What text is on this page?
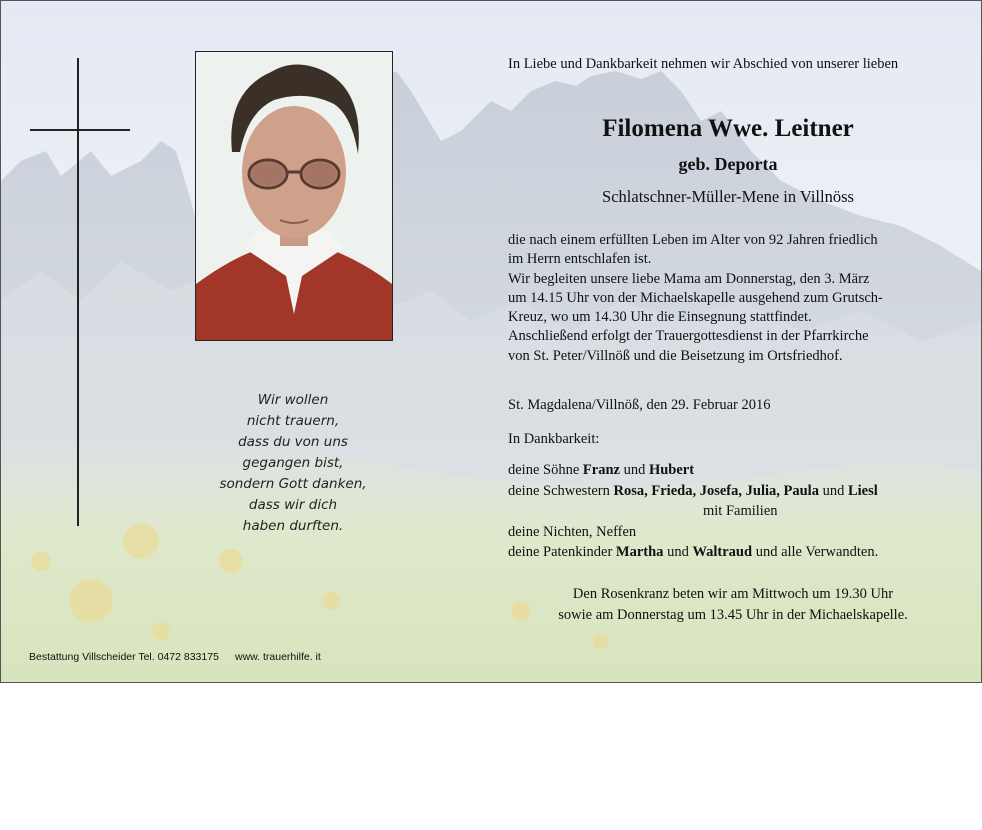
Wir wollen
nicht trauern,
dass du von uns
gegangen bist,
sondern Gott danken,
dass wir dich
haben durften.
In Liebe und Dankbarkeit nehmen wir Abschied von unserer lieben
Filomena Wwe. Leitner
geb. Deporta
Schlatschner-Müller-Mene in Villnöss
die nach einem erfüllten Leben im Alter von 92 Jahren friedlich
im Herrn entschlafen ist.
Wir begleiten unsere liebe Mama am Donnerstag, den 3. März
um 14.15 Uhr von der Michaelskapelle ausgehend zum Grutsch-
Kreuz, wo um 14.30 Uhr die Einsegnung stattfindet.
Anschließend erfolgt der Trauergottesdienst in der Pfarrkirche
von St. Peter/Villnöß und die Beisetzung im Ortsfriedhof.
St. Magdalena/Villnöß, den 29. Februar 2016
In Dankbarkeit:
deine Söhne Franz und Hubert
deine Schwestern Rosa, Frieda, Josefa, Julia, Paula und Liesl
mit Familien
deine Nichten, Neffen
deine Patenkinder Martha und Waltraud und alle Verwandten.
Den Rosenkranz beten wir am Mittwoch um 19.30 Uhr
sowie am Donnerstag um 13.45 Uhr in der Michaelskapelle.
Bestattung Villscheider Tel. 0472 833175 www. trauerhilfe. it
